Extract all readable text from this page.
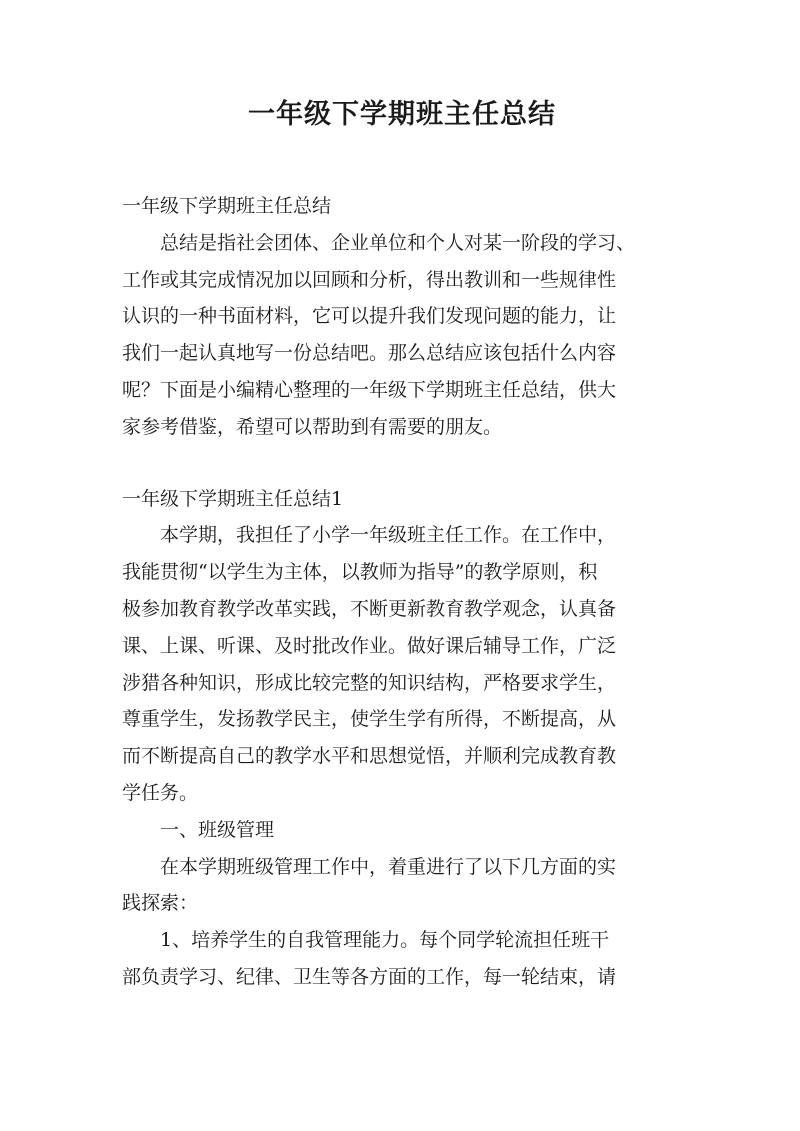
一年级下学期班主任总结

一年级下学期班主任总结

总结是指社会团体、企业单位和个人对某一阶段的学习、

工作或其完成情况加以回顾和分析，得出教训和一些规律性

认识的一种书面材料，它可以提升我们发现问题的能力，让

我们一起认真地写一份总结吧。那么总结应该包括什么内容

呢？下面是小编精心整理的一年级下学期班主任总结，供大

家参考借鉴，希望可以帮助到有需要的朋友。

一年级下学期班主任总结1

本学期，我担任了小学一年级班主任工作。在工作中，

我能贯彻“以学生为主体，以教师为指导”的教学原则，积

极参加教育教学改革实践，不断更新教育教学观念，认真备

课、上课、听课、及时批改作业。做好课后辅导工作，广泛

涉猎各种知识，形成比较完整的知识结构，严格要求学生，

尊重学生，发扬教学民主，使学生学有所得，不断提高，从

而不断提高自己的教学水平和思想觉悟，并顺利完成教育教

学任务。

一、班级管理

在本学期班级管理工作中，着重进行了以下几方面的实

践探索：

1、培养学生的自我管理能力。每个同学轮流担任班干

部负责学习、纪律、卫生等各方面的工作，每一轮结束，请
